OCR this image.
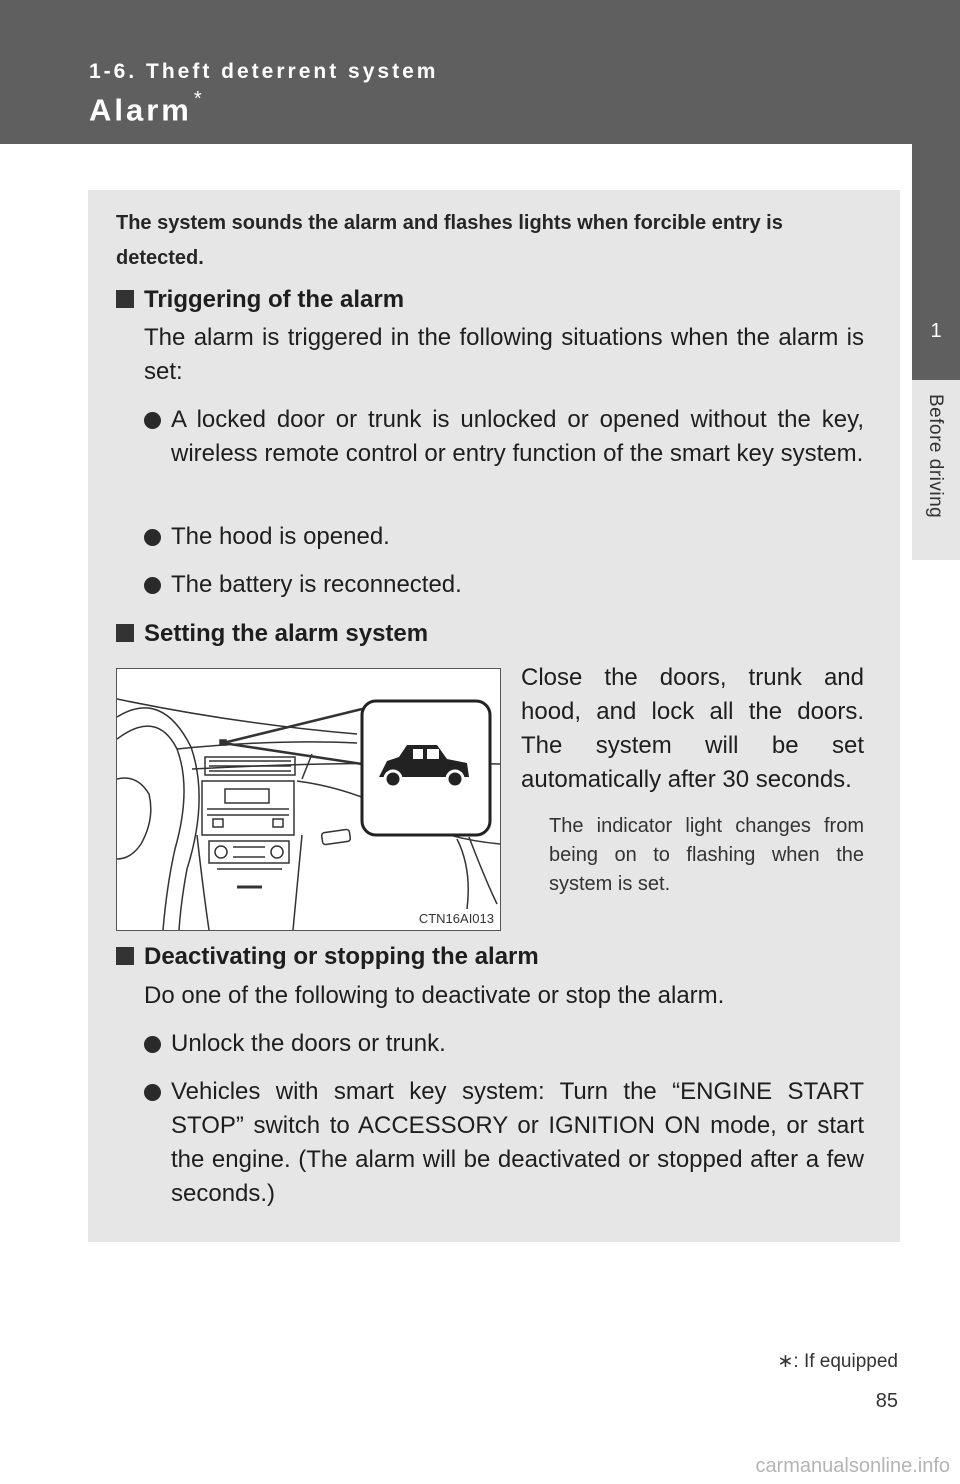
1-6. Theft deterrent system
Alarm *
1
Before driving
The system sounds the alarm and flashes lights when forcible entry is detected.
Triggering of the alarm
The alarm is triggered in the following situations when the alarm is set:
A locked door or trunk is unlocked or opened without the key, wireless remote control or entry function of the smart key system.
The hood is opened.
The battery is reconnected.
Setting the alarm system
CTN16AI013
Close the doors, trunk and hood, and lock all the doors. The system will be set automatically after 30 seconds.
The indicator light changes from being on to flashing when the system is set.
Deactivating or stopping the alarm
Do one of the following to deactivate or stop the alarm.
Unlock the doors or trunk.
Vehicles with smart key system: Turn the “ENGINE START STOP” switch to ACCESSORY or IGNITION ON mode, or start the engine. (The alarm will be deactivated or stopped after a few seconds.)
∗: If equipped
85
carmanualsonline.info
